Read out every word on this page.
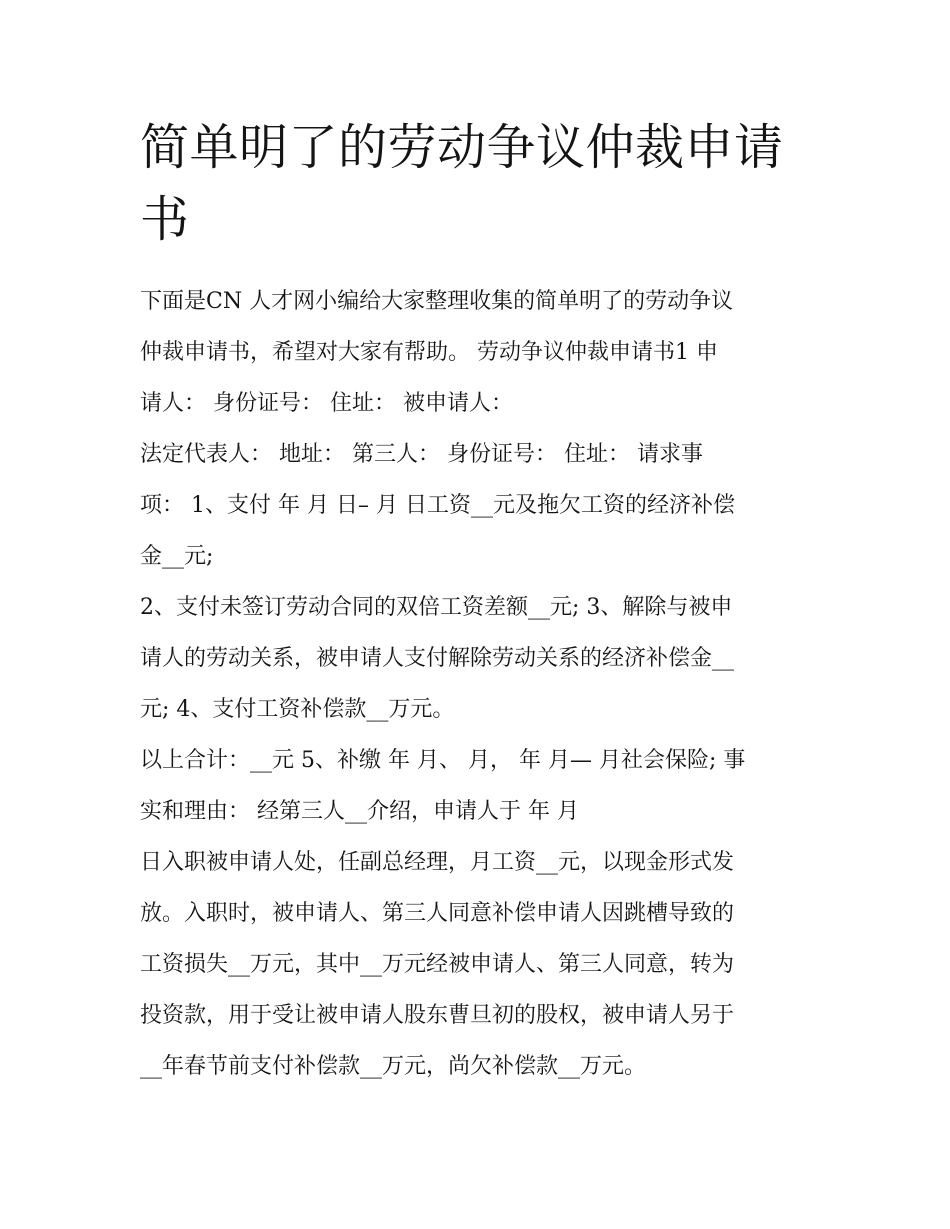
简单明了的劳动争议仲裁申请
书
下面是CN 人才网小编给大家整理收集的简单明了的劳动争议
仲裁申请书，希望对大家有帮助。 劳动争议仲裁申请书1 申
请人： 身份证号： 住址： 被申请人：
法定代表人： 地址： 第三人： 身份证号： 住址： 请求事
项： 1、支付 年 月 日– 月 日工资__元及拖欠工资的经济补偿
金__元;
2、支付未签订劳动合同的双倍工资差额__元; 3、解除与被申
请人的劳动关系，被申请人支付解除劳动关系的经济补偿金__
元; 4、支付工资补偿款__万元。
以上合计：__元 5、补缴 年 月、 月， 年 月— 月社会保险; 事
实和理由： 经第三人__介绍，申请人于 年 月
日入职被申请人处，任副总经理，月工资__元，以现金形式发
放。入职时，被申请人、第三人同意补偿申请人因跳槽导致的
工资损失__万元，其中__万元经被申请人、第三人同意，转为
投资款，用于受让被申请人股东曹旦初的股权，被申请人另于
__年春节前支付补偿款__万元，尚欠补偿款__万元。
